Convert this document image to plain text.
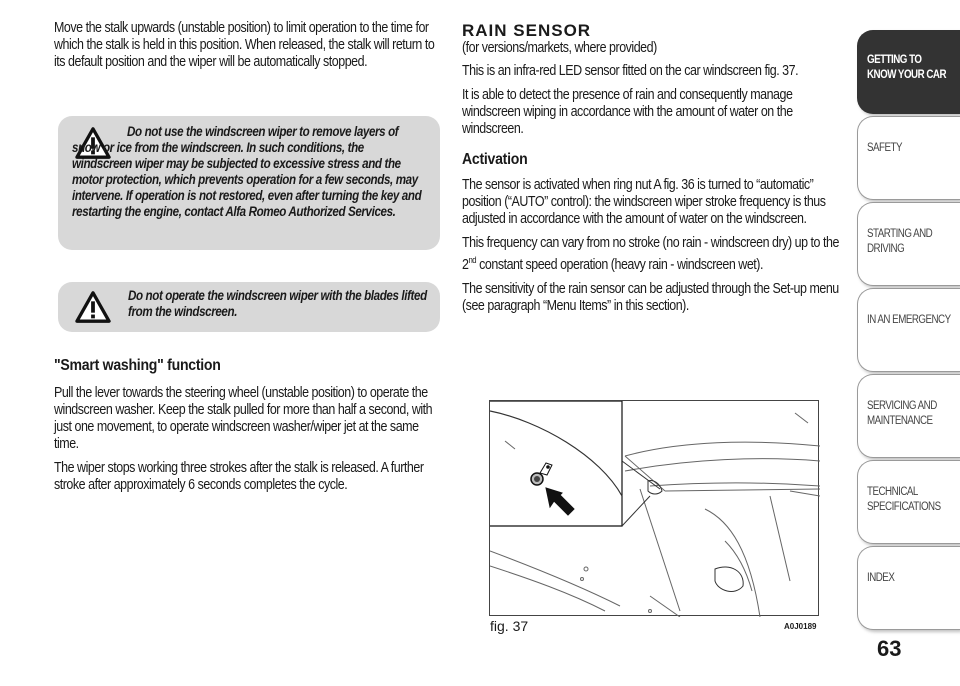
Move the stalk upwards (unstable position) to limit operation to the time for which the stalk is held in this position. When released, the stalk will return to its default position and the wiper will be automatically stopped.

Do not use the windscreen wiper to remove layers of snow or ice from the windscreen. In such conditions, the windscreen wiper may be subjected to excessive stress and the motor protection, which prevents operation for a few seconds, may intervene. If operation is not restored, even after turning the key and restarting the engine, contact Alfa Romeo Authorized Services.
Do not operate the windscreen wiper with the blades lifted from the windscreen.
"Smart washing" function

Pull the lever towards the steering wheel (unstable position) to operate the windscreen washer. Keep the stalk pulled for more than half a second, with just one movement, to operate windscreen washer/wiper jet at the same time.

The wiper stops working three strokes after the stalk is released. A further stroke after approximately 6 seconds completes the cycle.

RAIN SENSOR

(for versions/markets, where provided)

This is an infra-red LED sensor fitted on the car windscreen fig. 37.

It is able to detect the presence of rain and consequently manage windscreen wiping in accordance with the amount of water on the windscreen.

Activation

The sensor is activated when ring nut A fig. 36 is turned to “automatic” position (“AUTO” control): the windscreen wiper stroke frequency is thus adjusted in accordance with the amount of water on the windscreen.

This frequency can vary from no stroke (no rain - windscreen dry) up to the 2nd constant speed operation (heavy rain - windscreen wet).

The sensitivity of the rain sensor can be adjusted through the Set-up menu (see paragraph “Menu Items” in this section).

fig. 37	A0J0189
GETTING TO
KNOW YOUR CAR
SAFETY
STARTING AND
DRIVING
IN AN EMERGENCY
SERVICING AND
MAINTENANCE
TECHNICAL
SPECIFICATIONS
INDEX
63
